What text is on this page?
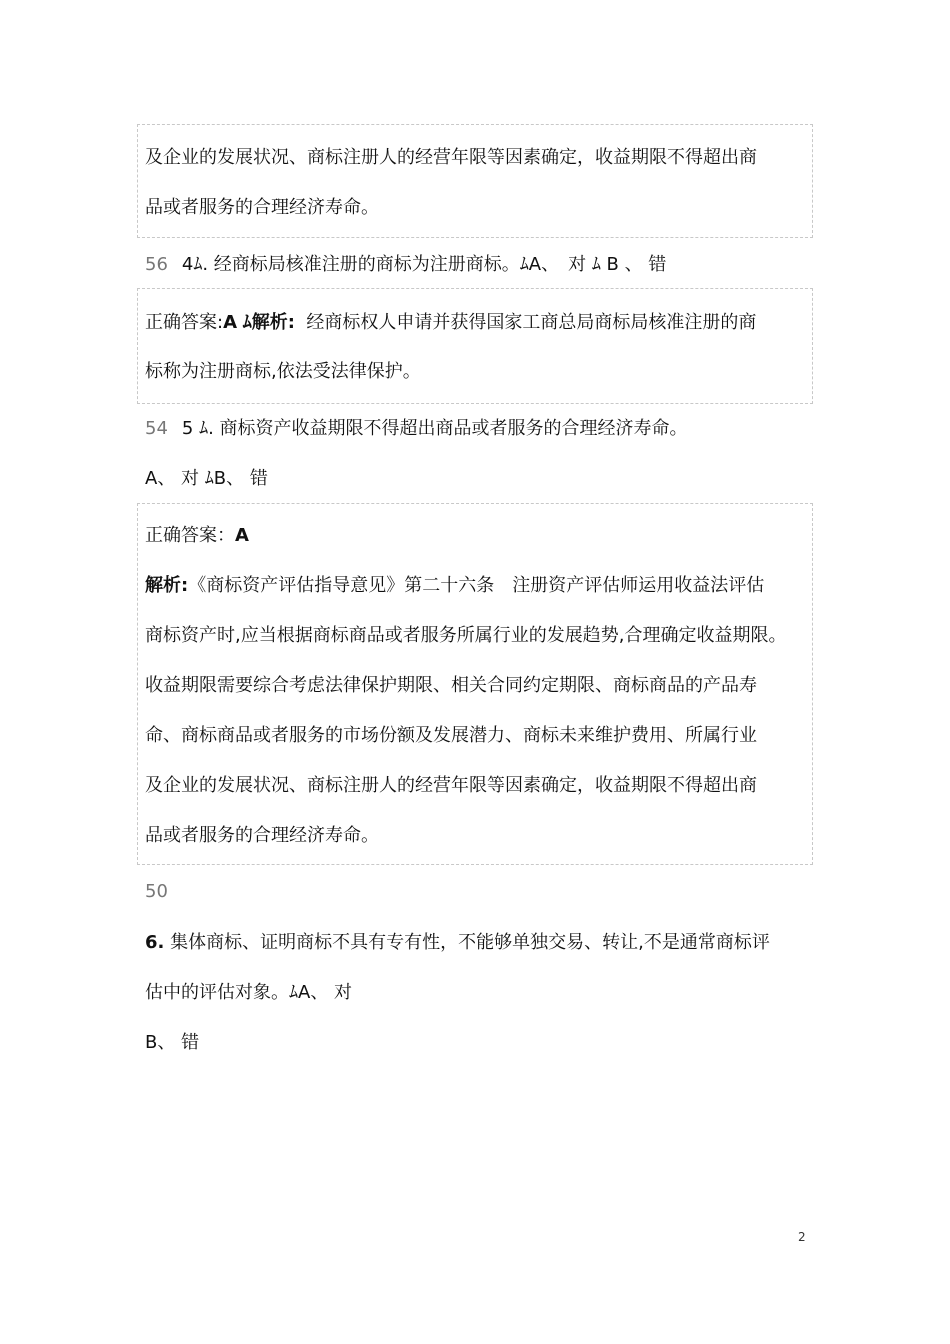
及企业的发展状况、商标注册人的经营年限等因素确定，收益期限不得超出商
品或者服务的合理经济寿命。
56 4ﾑ. 经商标局核准注册的商标为注册商标。ﾑA、　对 ﾑ B 、 错
正确答案:A ﾑ解析: 经商标权人申请并获得国家工商总局商标局核准注册的商
标称为注册商标,依法受法律保护。
54 5 ﾑ. 商标资产收益期限不得超出商品或者服务的合理经济寿命。
A、 对 ﾑB、 错
正确答案：A
解析:《商标资产评估指导意见》第二十六条　注册资产评估师运用收益法评估
商标资产时,应当根据商标商品或者服务所属行业的发展趋势,合理确定收益期限。
收益期限需要综合考虑法律保护期限、相关合同约定期限、商标商品的产品寿
命、商标商品或者服务的市场份额及发展潜力、商标未来维护费用、所属行业
及企业的发展状况、商标注册人的经营年限等因素确定，收益期限不得超出商
品或者服务的合理经济寿命。
50
6. 集体商标、证明商标不具有专有性，不能够单独交易、转让,不是通常商标评
估中的评估对象。ﾑA、 对
B、 错
2
